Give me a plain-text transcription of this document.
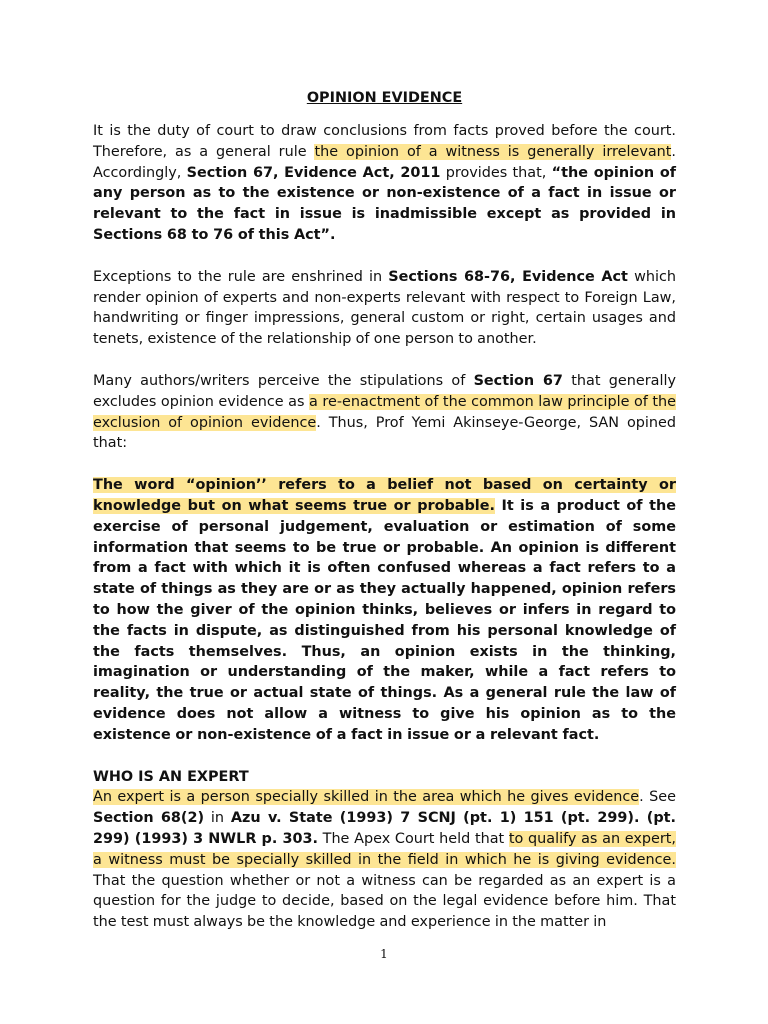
OPINION EVIDENCE

It is the duty of court to draw conclusions from facts proved before the court. Therefore, as a general rule the opinion of a witness is generally irrelevant. Accordingly, Section 67, Evidence Act, 2011 provides that, “the opinion of any person as to the existence or non-existence of a fact in issue or relevant to the fact in issue is inadmissible except as provided in Sections 68 to 76 of this Act”.

Exceptions to the rule are enshrined in Sections 68-76, Evidence Act which render opinion of experts and non-experts relevant with respect to Foreign Law, handwriting or finger impressions, general custom or right, certain usages and tenets, existence of the relationship of one person to another.

Many authors/writers perceive the stipulations of Section 67 that generally excludes opinion evidence as a re-enactment of the common law principle of the exclusion of opinion evidence. Thus, Prof Yemi Akinseye-George, SAN opined that:

The word “opinion’’ refers to a belief not based on certainty or knowledge but on what seems true or probable. It is a product of the exercise of personal judgement, evaluation or estimation of some information that seems to be true or probable. An opinion is different from a fact with which it is often confused whereas a fact refers to a state of things as they are or as they actually happened, opinion refers to how the giver of the opinion thinks, believes or infers in regard to the facts in dispute, as distinguished from his personal knowledge of the facts themselves. Thus, an opinion exists in the thinking, imagination or understanding of the maker, while a fact refers to reality, the true or actual state of things. As a general rule the law of evidence does not allow a witness to give his opinion as to the existence or non-existence of a fact in issue or a relevant fact.

WHO IS AN EXPERT

An expert is a person specially skilled in the area which he gives evidence. See Section 68(2) in Azu v. State (1993) 7 SCNJ (pt. 1) 151 (pt. 299). (pt. 299) (1993) 3 NWLR p. 303. The Apex Court held that to qualify as an expert, a witness must be specially skilled in the field in which he is giving evidence. That the question whether or not a witness can be regarded as an expert is a question for the judge to decide, based on the legal evidence before him. That the test must always be the knowledge and experience in the matter in

1
